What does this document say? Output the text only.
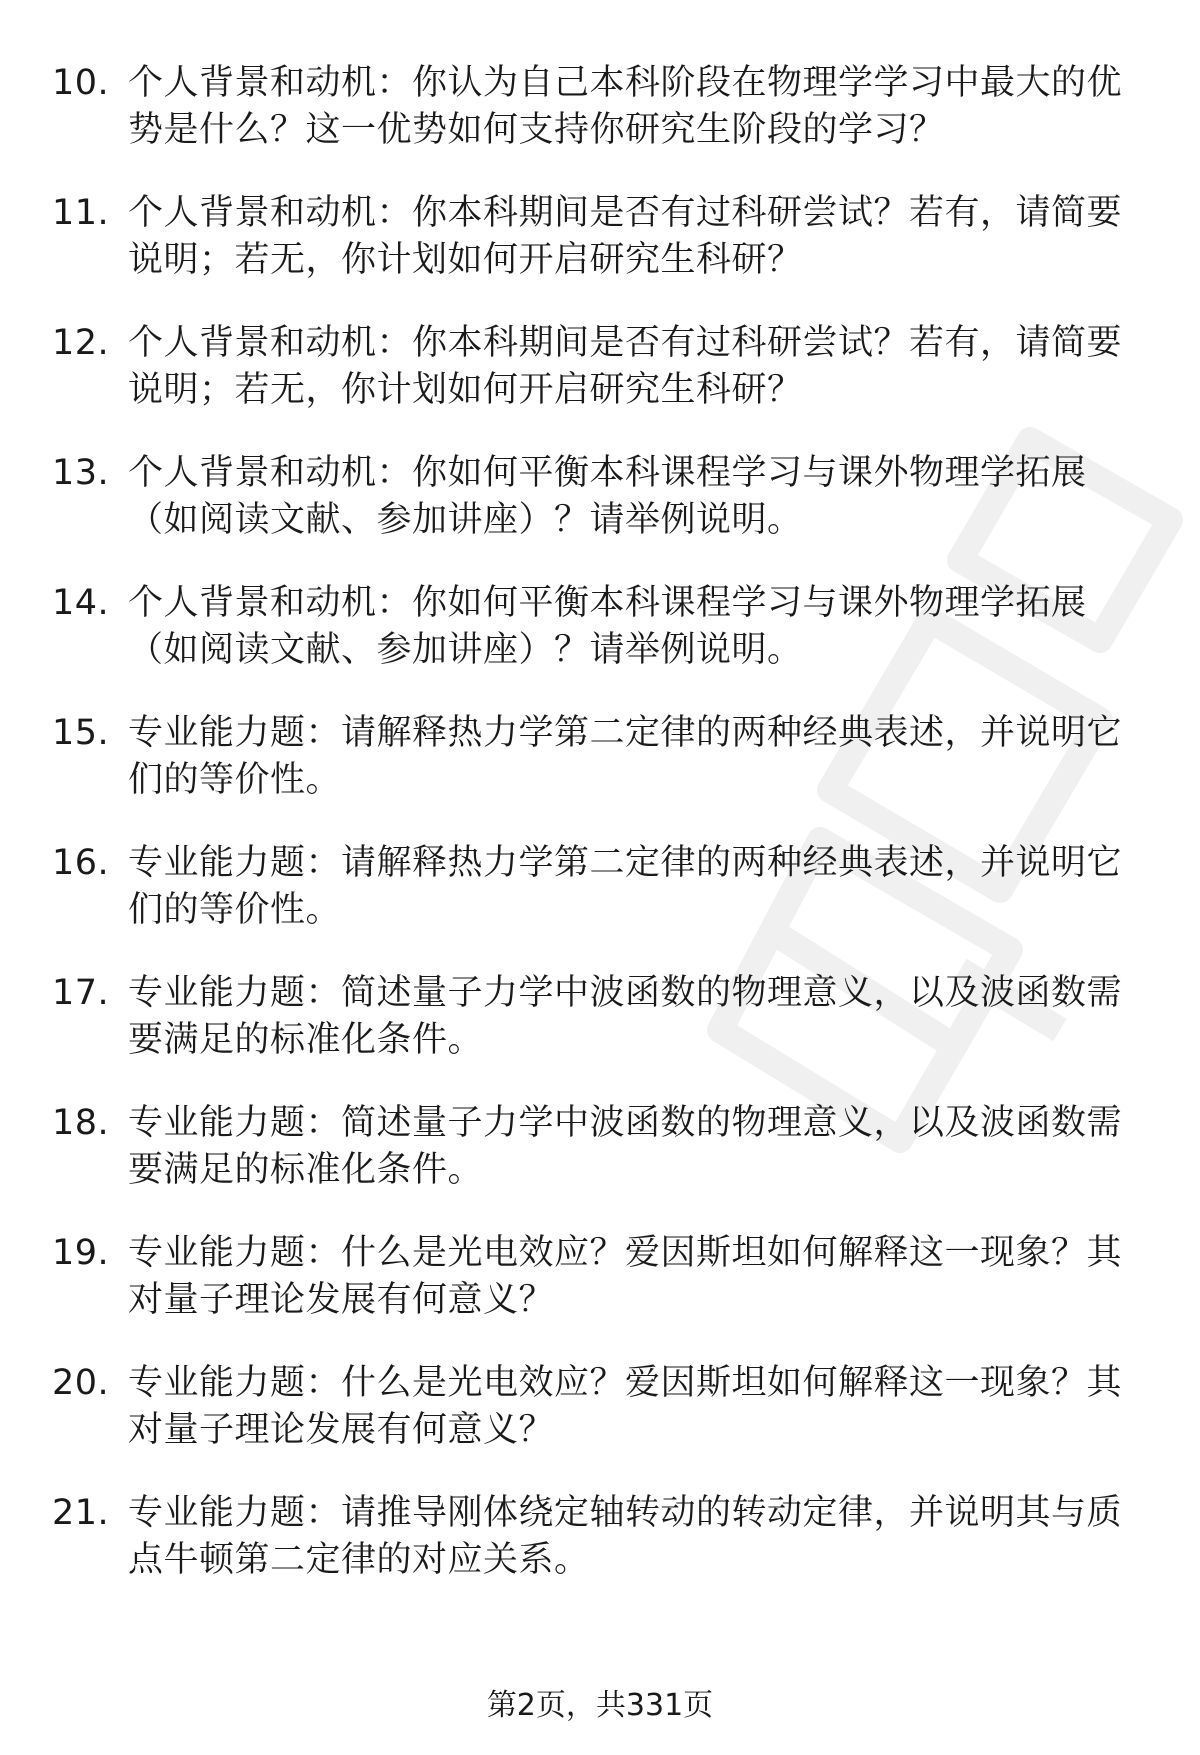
10. 个人背景和动机：你认为自己本科阶段在物理学学习中最大的优势是什么？这一优势如何支持你研究生阶段的学习？
11. 个人背景和动机：你本科期间是否有过科研尝试？若有，请简要说明；若无，你计划如何开启研究生科研？
12. 个人背景和动机：你本科期间是否有过科研尝试？若有，请简要说明；若无，你计划如何开启研究生科研？
13. 个人背景和动机：你如何平衡本科课程学习与课外物理学拓展（如阅读文献、参加讲座）？请举例说明。
14. 个人背景和动机：你如何平衡本科课程学习与课外物理学拓展（如阅读文献、参加讲座）？请举例说明。
15. 专业能力题：请解释热力学第二定律的两种经典表述，并说明它们的等价性。
16. 专业能力题：请解释热力学第二定律的两种经典表述，并说明它们的等价性。
17. 专业能力题：简述量子力学中波函数的物理意义，以及波函数需要满足的标准化条件。
18. 专业能力题：简述量子力学中波函数的物理意义，以及波函数需要满足的标准化条件。
19. 专业能力题：什么是光电效应？爱因斯坦如何解释这一现象？其对量子理论发展有何意义？
20. 专业能力题：什么是光电效应？爱因斯坦如何解释这一现象？其对量子理论发展有何意义？
21. 专业能力题：请推导刚体绕定轴转动的转动定律，并说明其与质点牛顿第二定律的对应关系。
第2页，共331页
